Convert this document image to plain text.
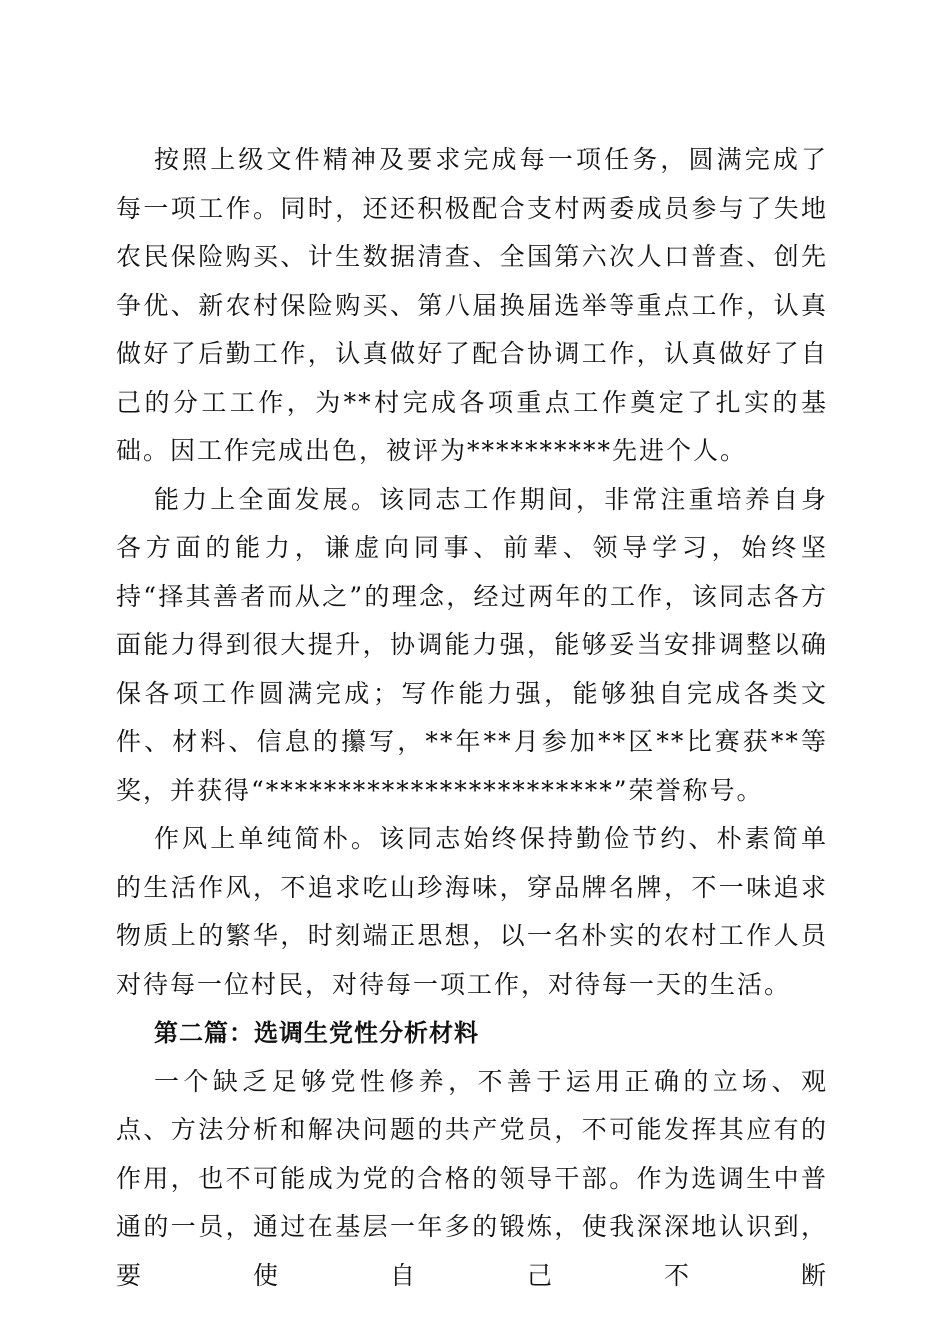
按照上级文件精神及要求完成每一项任务，圆满完成了每一项工作。同时，还还积极配合支村两委成员参与了失地农民保险购买、计生数据清查、全国第六次人口普查、创先争优、新农村保险购买、第八届换届选举等重点工作，认真做好了后勤工作，认真做好了配合协调工作，认真做好了自己的分工工作，为**村完成各项重点工作奠定了扎实的基础。因工作完成出色，被评为**********先进个人。

能力上全面发展。该同志工作期间，非常注重培养自身各方面的能力，谦虚向同事、前辈、领导学习，始终坚持“择其善者而从之”的理念，经过两年的工作，该同志各方面能力得到很大提升，协调能力强，能够妥当安排调整以确保各项工作圆满完成；写作能力强，能够独自完成各类文件、材料、信息的攥写，**年**月参加**区**比赛获**等奖，并获得“************************”荣誉称号。

作风上单纯简朴。该同志始终保持勤俭节约、朴素简单的生活作风，不追求吃山珍海味，穿品牌名牌，不一味追求物质上的繁华，时刻端正思想，以一名朴实的农村工作人员对待每一位村民，对待每一项工作，对待每一天的生活。

第二篇：选调生党性分析材料

一个缺乏足够党性修养，不善于运用正确的立场、观点、方法分析和解决问题的共产党员，不可能发挥其应有的作用，也不可能成为党的合格的领导干部。作为选调生中普通的一员，通过在基层一年多的锻炼，使我深深地认识到，要使自己不断
